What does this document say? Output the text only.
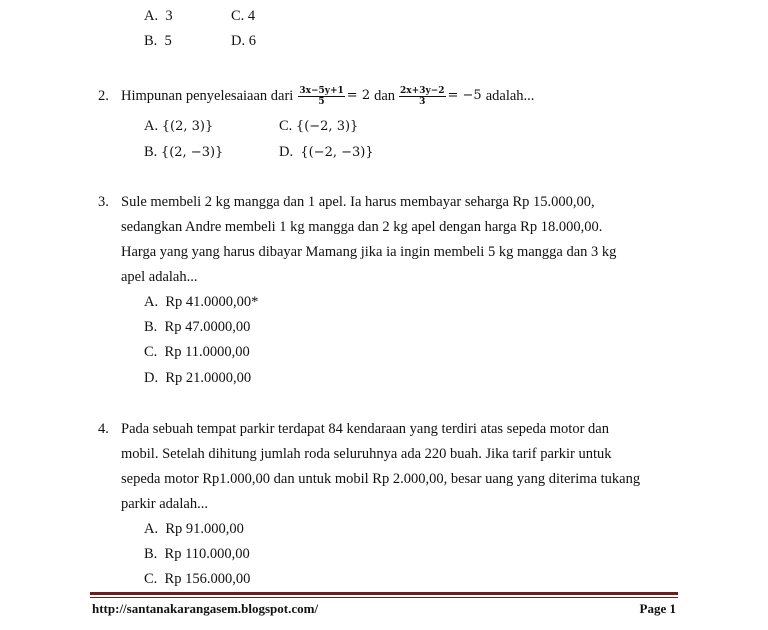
A. 3	C. 4
B. 5	D. 6
2. Himpunan penyelesaiaan dari $\frac{3x-5y+1}{5} = 2$ dan $\frac{2x+3y-2}{3} = -5$ adalah...
A. {(2, 3)}	C. {(−2, 3)}
B. {(2, −3)}	D. {(−2, −3)}
3. Sule membeli 2 kg mangga dan 1 apel. Ia harus membayar seharga Rp 15.000,00,
sedangkan Andre membeli 1 kg mangga dan 2 kg apel dengan harga Rp 18.000,00.
Harga yang yang harus dibayar Mamang jika ia ingin membeli 5 kg mangga dan 3 kg
apel adalah...
A. Rp 41.0000,00*
B. Rp 47.0000,00
C. Rp 11.0000,00
D. Rp 21.0000,00
4. Pada sebuah tempat parkir terdapat 84 kendaraan yang terdiri atas sepeda motor dan
mobil. Setelah dihitung jumlah roda seluruhnya ada 220 buah. Jika tarif parkir untuk
sepeda motor Rp1.000,00 dan untuk mobil Rp 2.000,00, besar uang yang diterima tukang
parkir adalah...
A. Rp 91.000,00
B. Rp 110.000,00
C. Rp 156.000,00
http://santanakarangasem.blogspot.com/	Page 1
